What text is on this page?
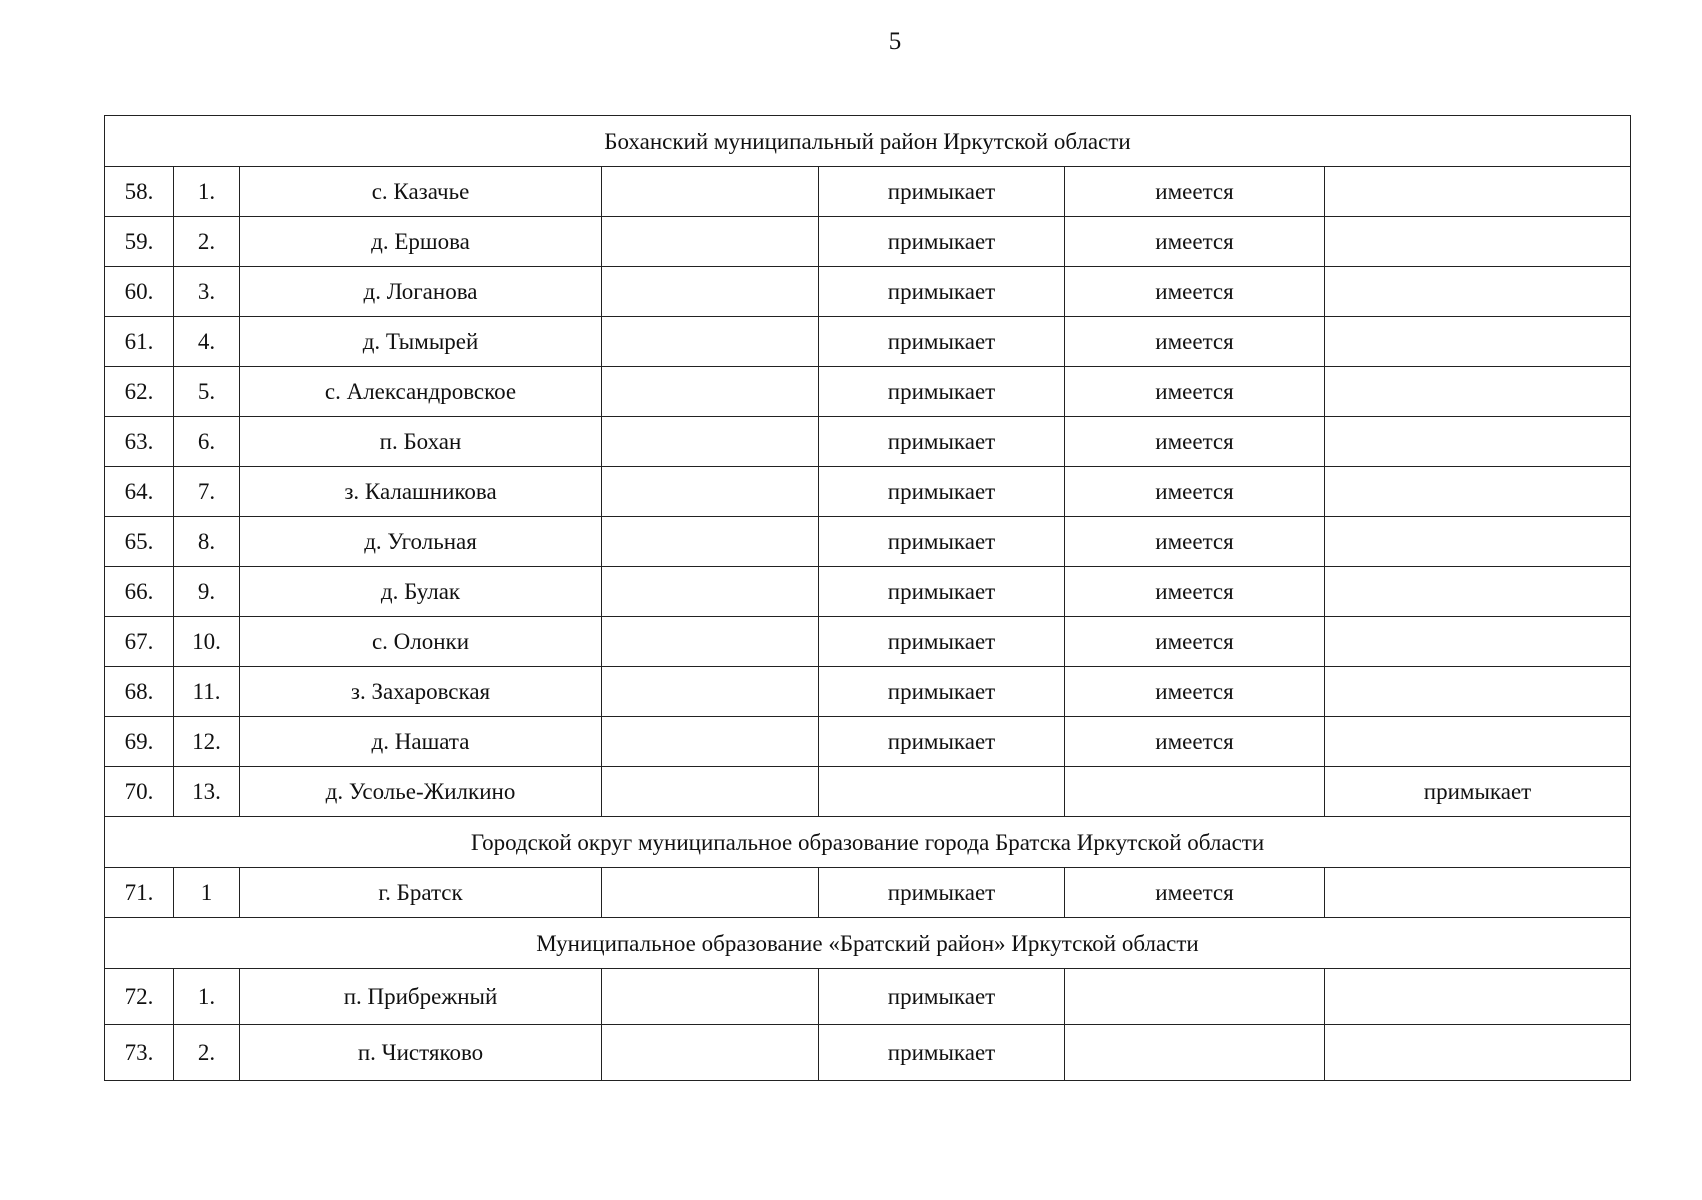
5
Боханский муниципальный район Иркутской области						
58.	1.	с. Казачье		примыкает	имеется	
59.	2.	д. Ершова		примыкает	имеется	
60.	3.	д. Логанова		примыкает	имеется	
61.	4.	д. Тымырей		примыкает	имеется	
62.	5.	с. Александровское		примыкает	имеется	
63.	6.	п. Бохан		примыкает	имеется	
64.	7.	з. Калашникова		примыкает	имеется	
65.	8.	д. Угольная		примыкает	имеется	
66.	9.	д. Булак		примыкает	имеется	
67.	10.	с. Олонки		примыкает	имеется	
68.	11.	з. Захаровская		примыкает	имеется	
69.	12.	д. Нашата		примыкает	имеется	
70.	13.	д. Усолье-Жилкино				примыкает
Городской округ муниципальное образование города Братска Иркутской области						
71.	1	г. Братск		примыкает	имеется	
Муниципальное образование «Братский район» Иркутской области						
72.	1.	п. Прибрежный		примыкает		
73.	2.	п. Чистяково		примыкает		
